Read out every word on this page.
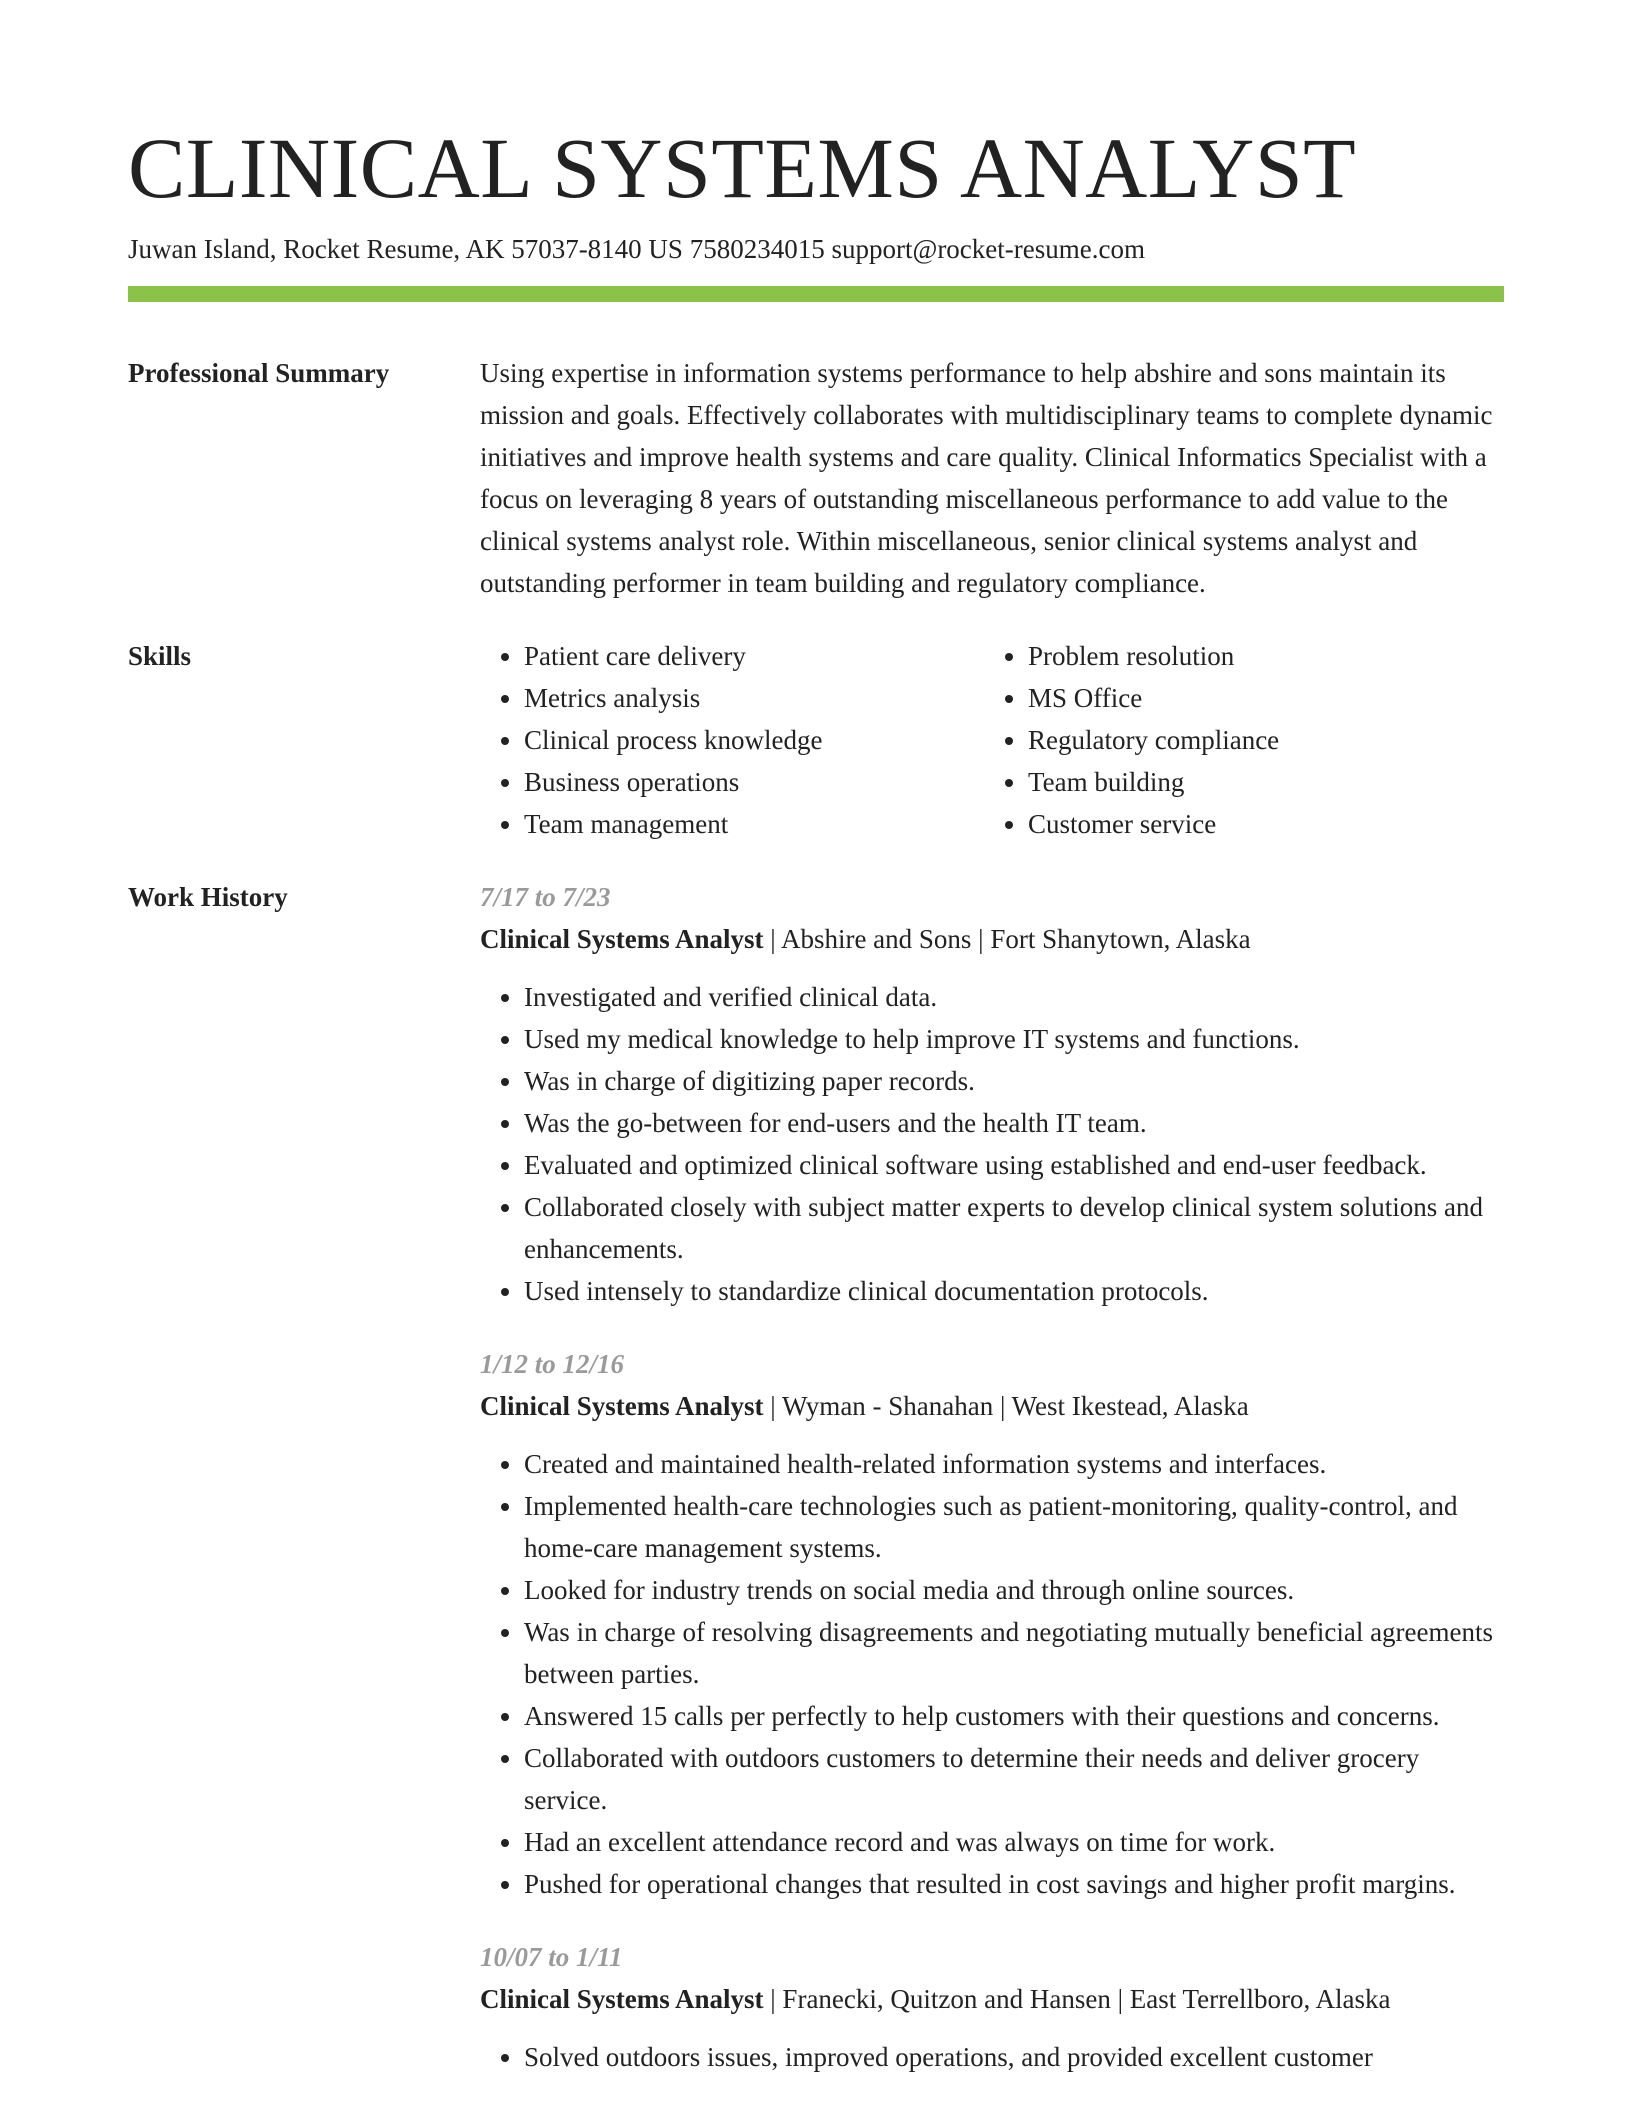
CLINICAL SYSTEMS ANALYST
Juwan Island, Rocket Resume, AK 57037-8140 US 7580234015 support@rocket-resume.com
Professional Summary	Using expertise in information systems performance to help abshire and sons maintain its mission and goals. Effectively collaborates with multidisciplinary teams to complete dynamic initiatives and improve health systems and care quality. Clinical Informatics Specialist with a focus on leveraging 8 years of outstanding miscellaneous performance to add value to the clinical systems analyst role. Within miscellaneous, senior clinical systems analyst and outstanding performer in team building and regulatory compliance.

Skills
•	Patient care delivery
• Metrics analysis
• Clinical process knowledge
• Business operations
• Team management
• Problem resolution
• MS Office
• Regulatory compliance
• Team building
• Customer service
Work History	7/17 to 7/23
Clinical Systems Analyst | Abshire and Sons | Fort Shanytown, Alaska
• Investigated and verified clinical data.
• Used my medical knowledge to help improve IT systems and functions.
• Was in charge of digitizing paper records.
• Was the go-between for end-users and the health IT team.
• Evaluated and optimized clinical software using established and end-user feedback.
• Collaborated closely with subject matter experts to develop clinical system solutions and enhancements.
• Used intensely to standardize clinical documentation protocols.
1/12 to 12/16
Clinical Systems Analyst | Wyman - Shanahan | West Ikestead, Alaska
• Created and maintained health-related information systems and interfaces.
• Implemented health-care technologies such as patient-monitoring, quality-control, and home-care management systems.
• Looked for industry trends on social media and through online sources.
• Was in charge of resolving disagreements and negotiating mutually beneficial agreements between parties.
• Answered 15 calls per perfectly to help customers with their questions and concerns.
• Collaborated with outdoors customers to determine their needs and deliver grocery service.
• Had an excellent attendance record and was always on time for work.
• Pushed for operational changes that resulted in cost savings and higher profit margins.
10/07 to 1/11
Clinical Systems Analyst | Franecki, Quitzon and Hansen | East Terrellboro, Alaska
• Solved outdoors issues, improved operations, and provided excellent customer
